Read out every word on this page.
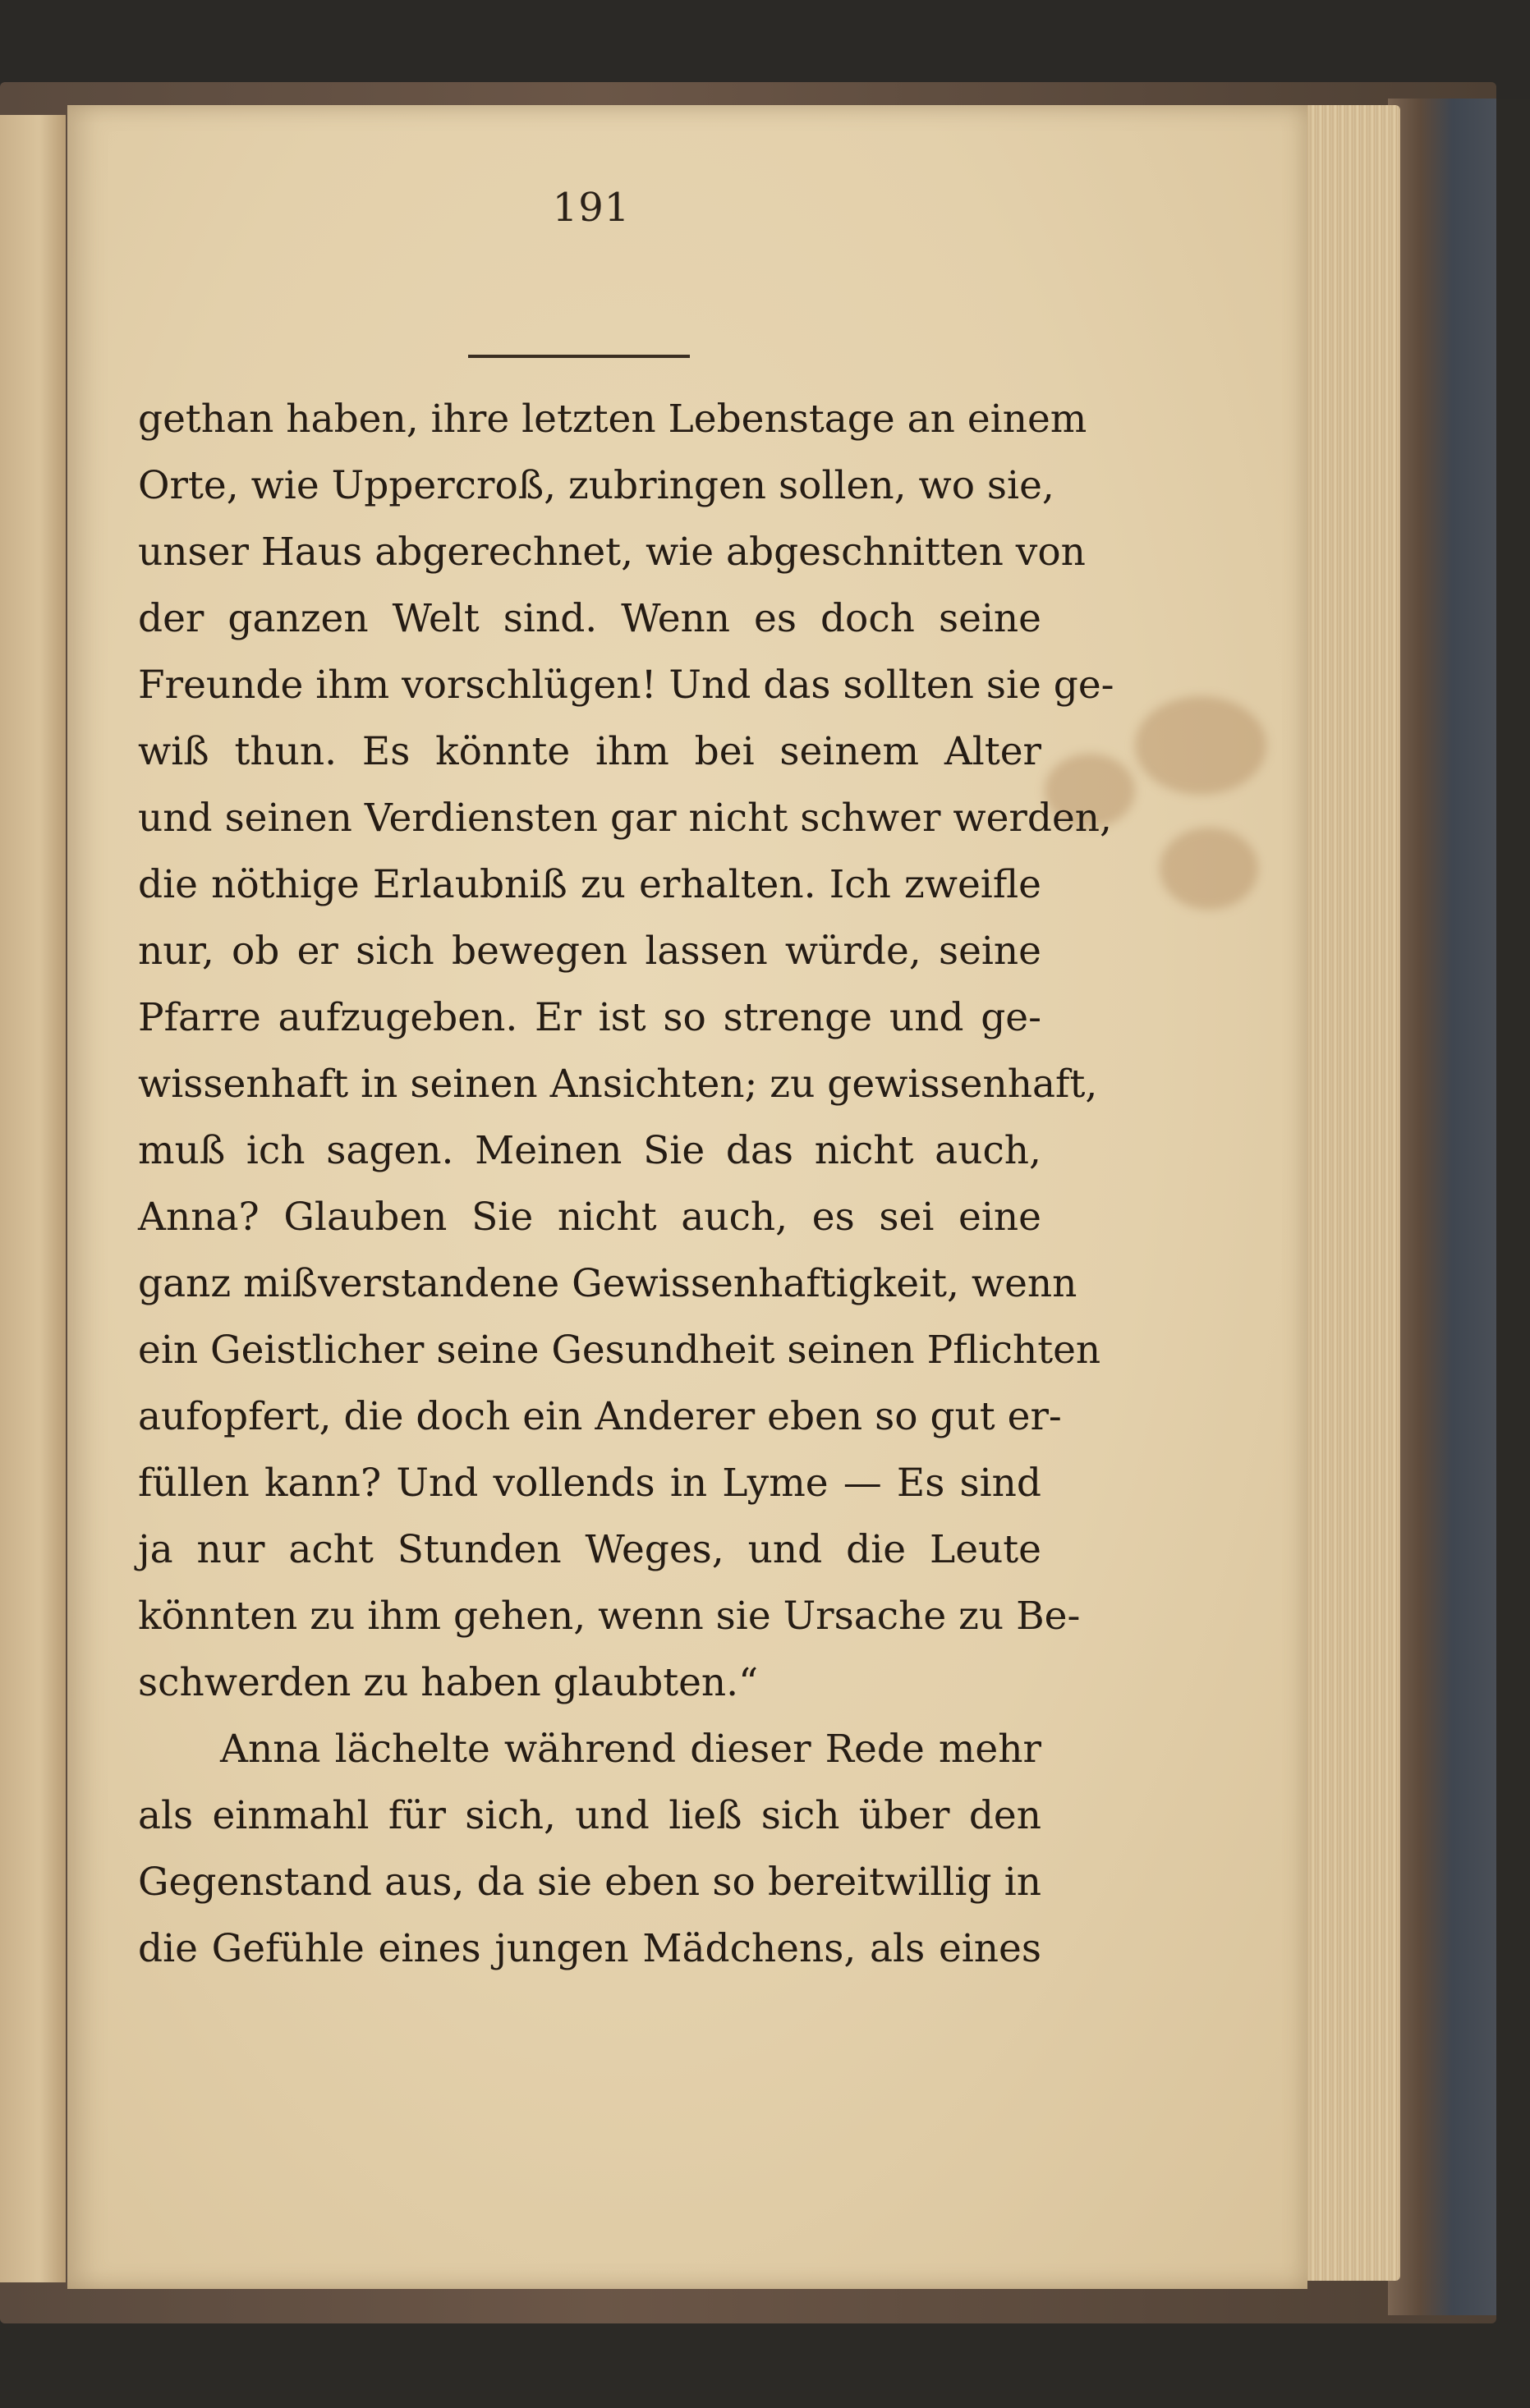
191
gethan haben, ihre letzten Lebenstage an einem
Orte, wie Uppercroß, zubringen sollen, wo sie,
unser Haus abgerechnet, wie abgeschnitten von
der ganzen Welt sind. Wenn es doch seine
Freunde ihm vorschlügen! Und das sollten sie ge-
wiß thun. Es könnte ihm bei seinem Alter
und seinen Verdiensten gar nicht schwer werden,
die nöthige Erlaubniß zu erhalten. Ich zweifle
nur, ob er sich bewegen lassen würde, seine
Pfarre aufzugeben. Er ist so strenge und ge-
wissenhaft in seinen Ansichten; zu gewissenhaft,
muß ich sagen. Meinen Sie das nicht auch,
Anna? Glauben Sie nicht auch, es sei eine
ganz mißverstandene Gewissenhaftigkeit, wenn
ein Geistlicher seine Gesundheit seinen Pflichten
aufopfert, die doch ein Anderer eben so gut er-
füllen kann? Und vollends in Lyme — Es sind
ja nur acht Stunden Weges, und die Leute
könnten zu ihm gehen, wenn sie Ursache zu Be-
schwerden zu haben glaubten.“
Anna lächelte während dieser Rede mehr
als einmahl für sich, und ließ sich über den
Gegenstand aus, da sie eben so bereitwillig in
die Gefühle eines jungen Mädchens, als eines
